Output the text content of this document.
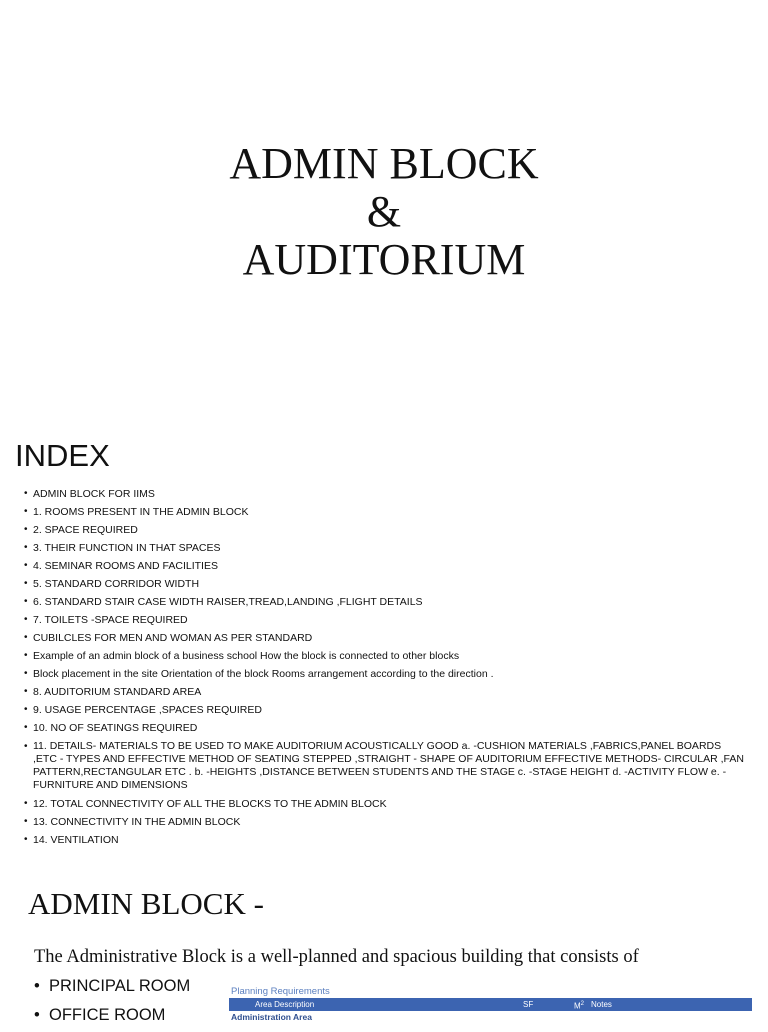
ADMIN BLOCK
&
AUDITORIUM
INDEX
• ADMIN BLOCK FOR IIMS
• 1. ROOMS PRESENT IN THE ADMIN BLOCK
• 2. SPACE REQUIRED
• 3. THEIR FUNCTION IN THAT SPACES
• 4. SEMINAR ROOMS AND FACILITIES
• 5. STANDARD CORRIDOR WIDTH
• 6. STANDARD STAIR CASE WIDTH RAISER,TREAD,LANDING ,FLIGHT DETAILS
• 7. TOILETS -SPACE REQUIRED
• CUBILCLES FOR MEN AND WOMAN AS PER STANDARD
• Example of an admin block of a business school How the block is connected to other blocks
• Block placement in the site Orientation of the block Rooms arrangement according to the direction .
• 8. AUDITORIUM STANDARD AREA
• 9. USAGE PERCENTAGE ,SPACES REQUIRED
• 10. NO OF SEATINGS REQUIRED
• 11. DETAILS- MATERIALS TO BE USED TO MAKE AUDITORIUM ACOUSTICALLY GOOD a. -CUSHION MATERIALS ,FABRICS,PANEL BOARDS ,ETC - TYPES AND EFFECTIVE METHOD OF SEATING STEPPED ,STRAIGHT - SHAPE OF AUDITORIUM EFFECTIVE METHODS- CIRCULAR ,FAN PATTERN,RECTANGULAR ETC . b. -HEIGHTS ,DISTANCE BETWEEN STUDENTS AND THE STAGE c. -STAGE HEIGHT d. -ACTIVITY FLOW e. -FURNITURE AND DIMENSIONS
• 12. TOTAL CONNECTIVITY OF ALL THE BLOCKS TO THE ADMIN BLOCK
• 13. CONNECTIVITY IN THE ADMIN BLOCK
• 14. VENTILATION
ADMIN BLOCK -
The Administrative Block is a well-planned and spacious building that consists of
• PRINCIPAL ROOM
• OFFICE ROOM
Planning Requirements
Area Description	SF	$M^2$ Notes
Administration Area
